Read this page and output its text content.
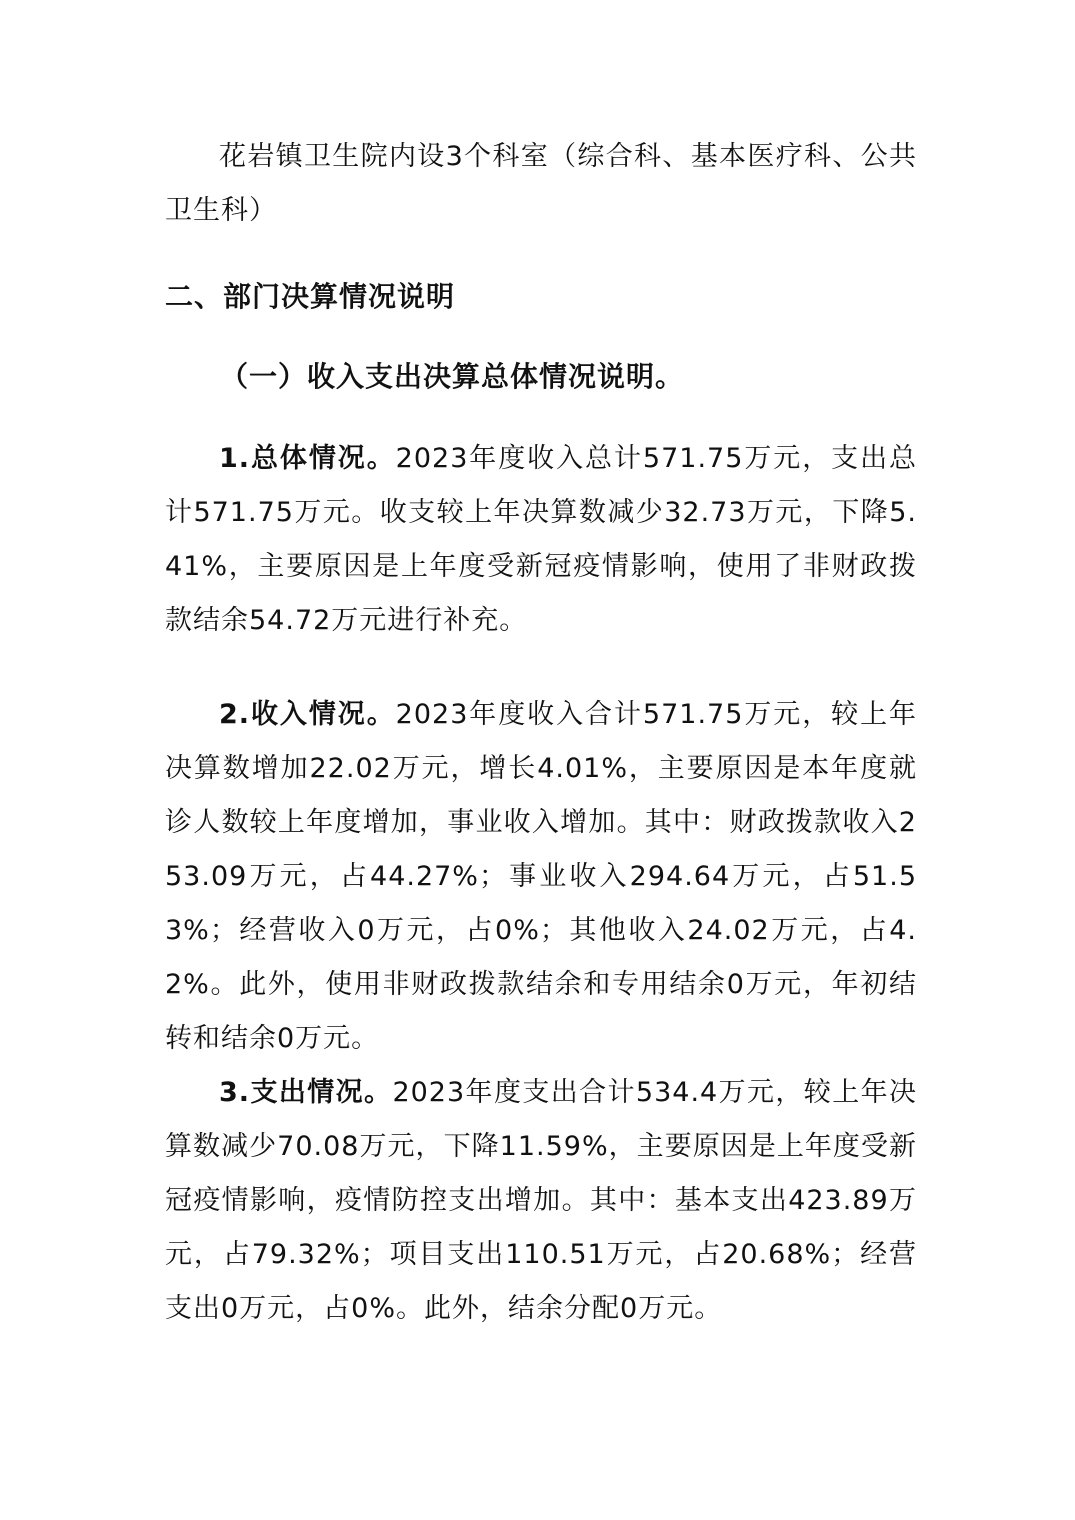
花岩镇卫生院内设3个科室（综合科、基本医疗科、公共卫生科）

二、部门决算情况说明
（一）收入支出决算总体情况说明。

1.总体情况。2023年度收入总计571.75万元，支出总计571.75万元。收支较上年决算数减少32.73万元，下降5.41%，主要原因是上年度受新冠疫情影响，使用了非财政拨款结余54.72万元进行补充。

2.收入情况。2023年度收入合计571.75万元，较上年决算数增加22.02万元，增长4.01%，主要原因是本年度就诊人数较上年度增加，事业收入增加。其中：财政拨款收入253.09万元，占44.27%；事业收入294.64万元，占51.53%；经营收入0万元，占0%；其他收入24.02万元，占4.2%。此外，使用非财政拨款结余和专用结余0万元，年初结转和结余0万元。

3.支出情况。2023年度支出合计534.4万元，较上年决算数减少70.08万元，下降11.59%，主要原因是上年度受新冠疫情影响，疫情防控支出增加。其中：基本支出423.89万元，占79.32%；项目支出110.51万元，占20.68%；经营支出0万元，占0%。此外，结余分配0万元。
